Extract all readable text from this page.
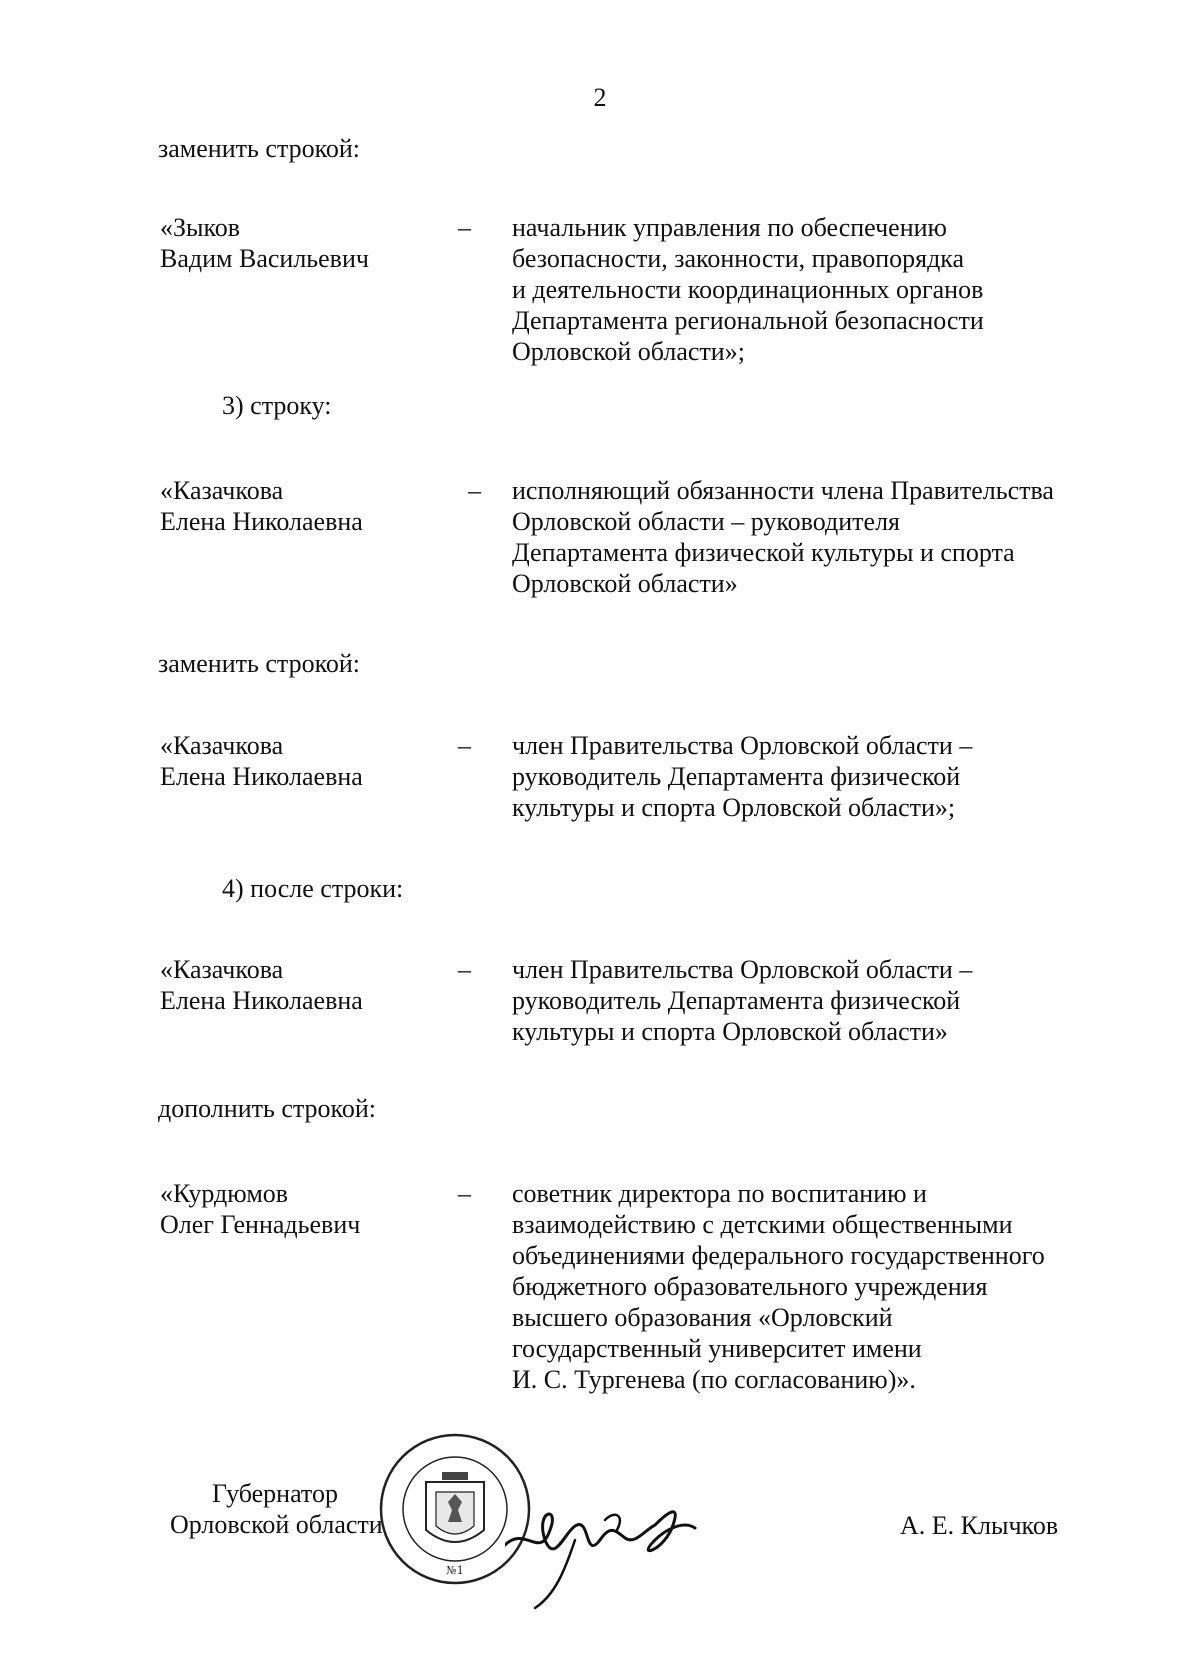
2
заменить строкой:
«Зыков
Вадим Васильевич
– начальник управления по обеспечению
безопасности, законности, правопорядка
и деятельности координационных органов
Департамента региональной безопасности
Орловской области»;
3) строку:
«Казачкова
Елена Николаевна
– исполняющий обязанности члена Правительства
Орловской области – руководителя
Департамента физической культуры и спорта
Орловской области»
заменить строкой:
«Казачкова
Елена Николаевна
– член Правительства Орловской области –
руководитель Департамента физической
культуры и спорта Орловской области»;
4) после строки:
«Казачкова
Елена Николаевна
– член Правительства Орловской области –
руководитель Департамента физической
культуры и спорта Орловской области»
дополнить строкой:
«Курдюмов
Олег Геннадьевич
– советник директора по воспитанию и
взаимодействию с детскими общественными
объединениями федерального государственного
бюджетного образовательного учреждения
высшего образования «Орловский
государственный университет имени
И. С. Тургенева (по согласованию)».
Губернатор
Орловской области
№1
А. Е. Клычков
